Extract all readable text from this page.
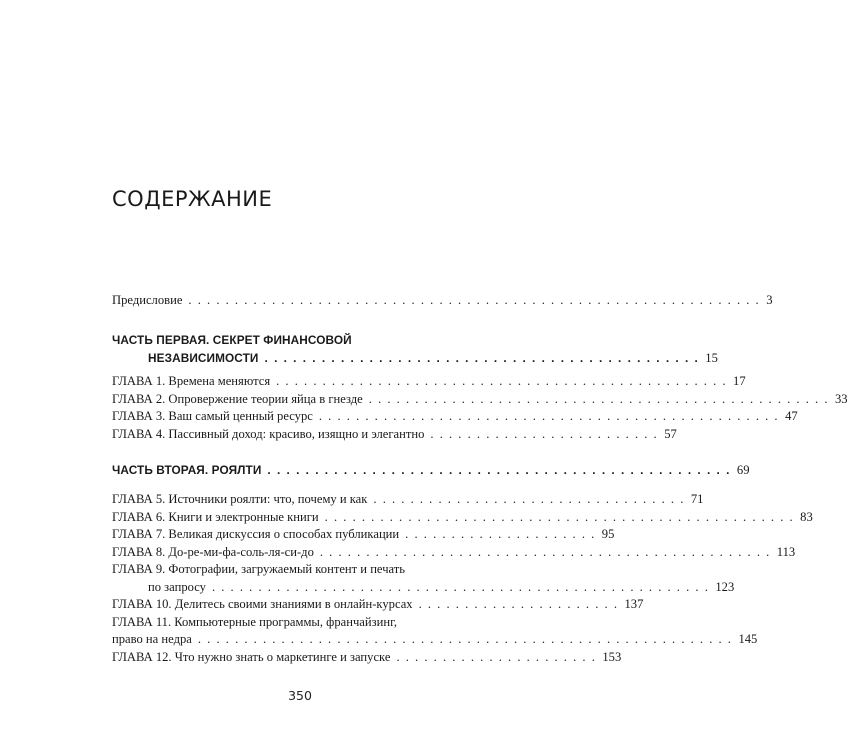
СОДЕРЖАНИЕ
Предисловие . . . . . . . . . . . . . . . . . . . . . . . . . . . . . . . . . . . . . . . . . . . . . . . . . . . . . . . . . . . . . . 3
ЧАСТЬ ПЕРВАЯ. СЕКРЕТ ФИНАНСОВОЙ
НЕЗАВИСИМОСТИ . . . . . . . . . . . . . . . . . . . . . . . . . . . . . . . . . . . . . . . . . . . . . . 15
ГЛАВА 1. Времена меняются . . . . . . . . . . . . . . . . . . . . . . . . . . . . . . . . . . . . . . . . . . . . . . . . . 17
ГЛАВА 2. Опровержение теории яйца в гнезде . . . . . . . . . . . . . . . . . . . . . . . . . . . . . . . . . . . . . . . . . . . . . . . . . . 33
ГЛАВА 3. Ваш самый ценный ресурс . . . . . . . . . . . . . . . . . . . . . . . . . . . . . . . . . . . . . . . . . . . . . . . . . . 47
ГЛАВА 4. Пассивный доход: красиво, изящно и элегантно . . . . . . . . . . . . . . . . . . . . . . . . . 57
ЧАСТЬ ВТОРАЯ. РОЯЛТИ . . . . . . . . . . . . . . . . . . . . . . . . . . . . . . . . . . . . . . . . . . . . . . . . . 69
ГЛАВА 5. Источники роялти: что, почему и как . . . . . . . . . . . . . . . . . . . . . . . . . . . . . . . . . . 71
ГЛАВА 6. Книги и электронные книги . . . . . . . . . . . . . . . . . . . . . . . . . . . . . . . . . . . . . . . . . . . . . . . . . . . 83
ГЛАВА 7. Великая дискуссия о способах публикации . . . . . . . . . . . . . . . . . . . . . 95
ГЛАВА 8. До-ре-ми-фа-соль-ля-си-до . . . . . . . . . . . . . . . . . . . . . . . . . . . . . . . . . . . . . . . . . . . . . . . . . 113
ГЛАВА 9. Фотографии, загружаемый контент и печать
по запросу . . . . . . . . . . . . . . . . . . . . . . . . . . . . . . . . . . . . . . . . . . . . . . . . . . . . . . 123
ГЛАВА 10. Делитесь своими знаниями в онлайн-курсах . . . . . . . . . . . . . . . . . . . . . . 137
ГЛАВА 11. Компьютерные программы, франчайзинг,
право на недра . . . . . . . . . . . . . . . . . . . . . . . . . . . . . . . . . . . . . . . . . . . . . . . . . . . . . . . . . . 145
ГЛАВА 12. Что нужно знать о маркетинге и запуске . . . . . . . . . . . . . . . . . . . . . . 153
350
